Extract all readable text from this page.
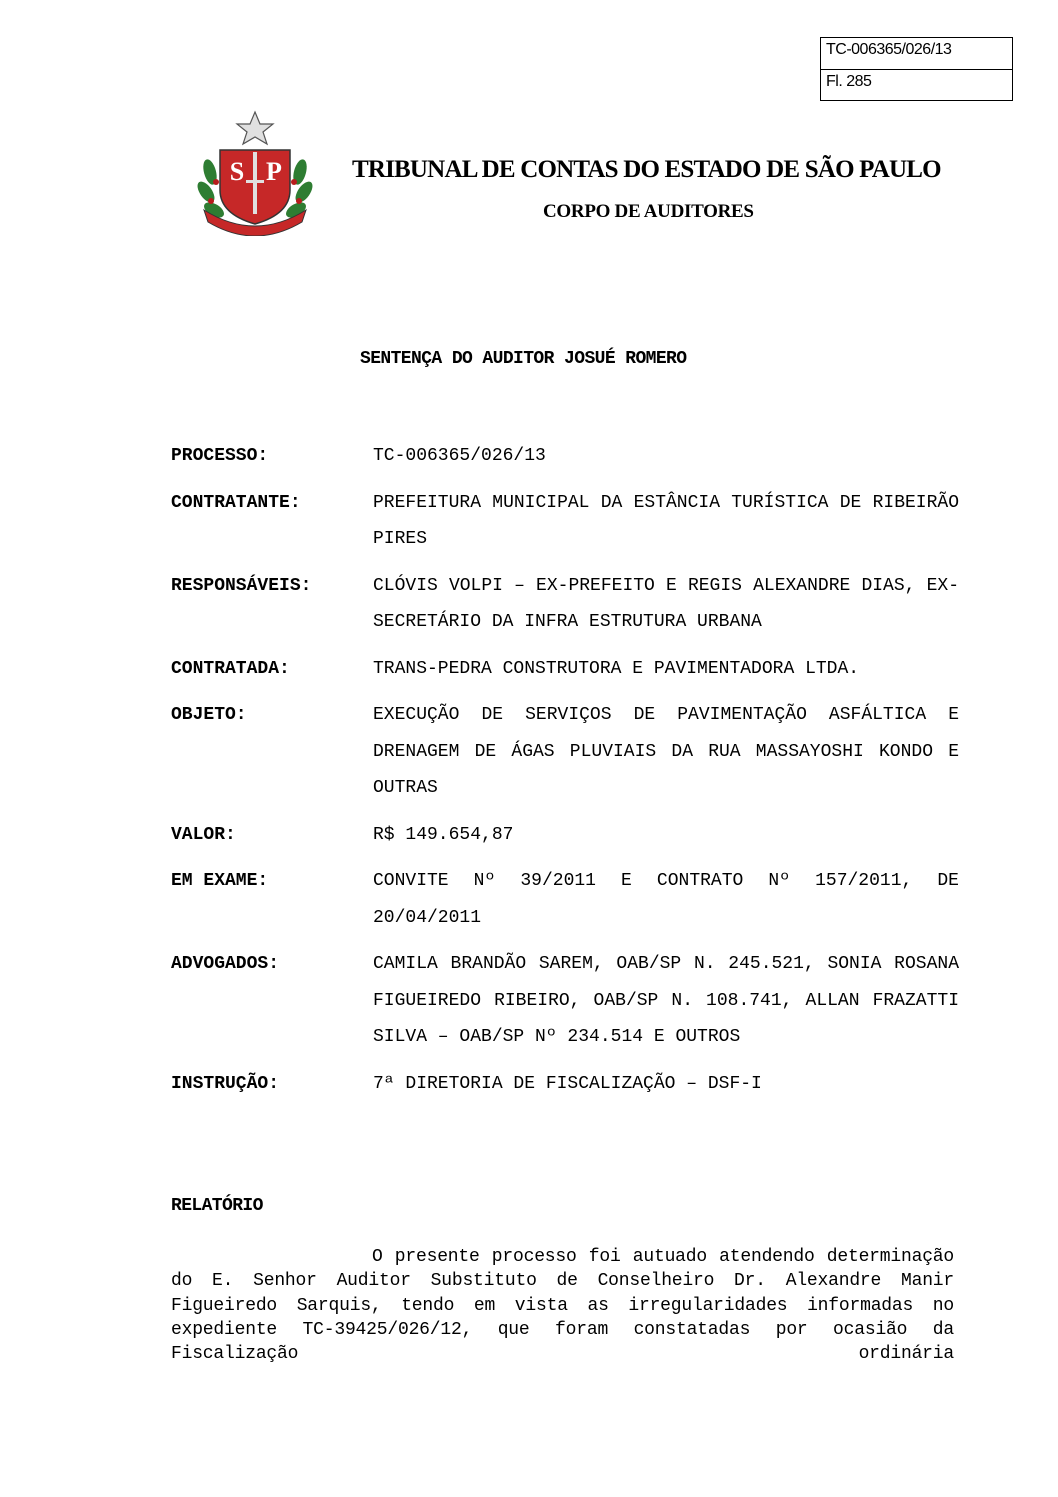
TC-006365/026/13
Fl. 285
S P	TRIBUNAL DE CONTAS DO ESTADO DE SÃO PAULO
CORPO DE AUDITORES
SENTENÇA DO AUDITOR JOSUÉ ROMERO
PROCESSO:	TC-006365/026/13
CONTRATANTE:	PREFEITURA MUNICIPAL DA ESTÂNCIA TURÍSTICA DE RIBEIRÃO PIRES
RESPONSÁVEIS:	CLÓVIS VOLPI – EX-PREFEITO E REGIS ALEXANDRE DIAS, EX-SECRETÁRIO DA INFRA ESTRUTURA URBANA
CONTRATADA:	TRANS-PEDRA CONSTRUTORA E PAVIMENTADORA LTDA.
OBJETO:	EXECUÇÃO DE SERVIÇOS DE PAVIMENTAÇÃO ASFÁLTICA E DRENAGEM DE ÁGAS PLUVIAIS DA RUA MASSAYOSHI KONDO E OUTRAS
VALOR:	R$ 149.654,87
EM EXAME:	CONVITE Nº 39/2011 E CONTRATO Nº 157/2011, DE 20/04/2011
ADVOGADOS:	CAMILA BRANDÃO SAREM, OAB/SP N. 245.521, SONIA ROSANA FIGUEIREDO RIBEIRO, OAB/SP N. 108.741, ALLAN FRAZATTI SILVA – OAB/SP Nº 234.514 E OUTROS
INSTRUÇÃO:	7ª DIRETORIA DE FISCALIZAÇÃO – DSF-I
RELATÓRIO
O presente processo foi autuado atendendo determinação do E. Senhor Auditor Substituto de Conselheiro Dr. Alexandre Manir Figueiredo Sarquis, tendo em vista as irregularidades informadas no expediente TC-39425/026/12, que foram constatadas por ocasião da Fiscalização ordinária
